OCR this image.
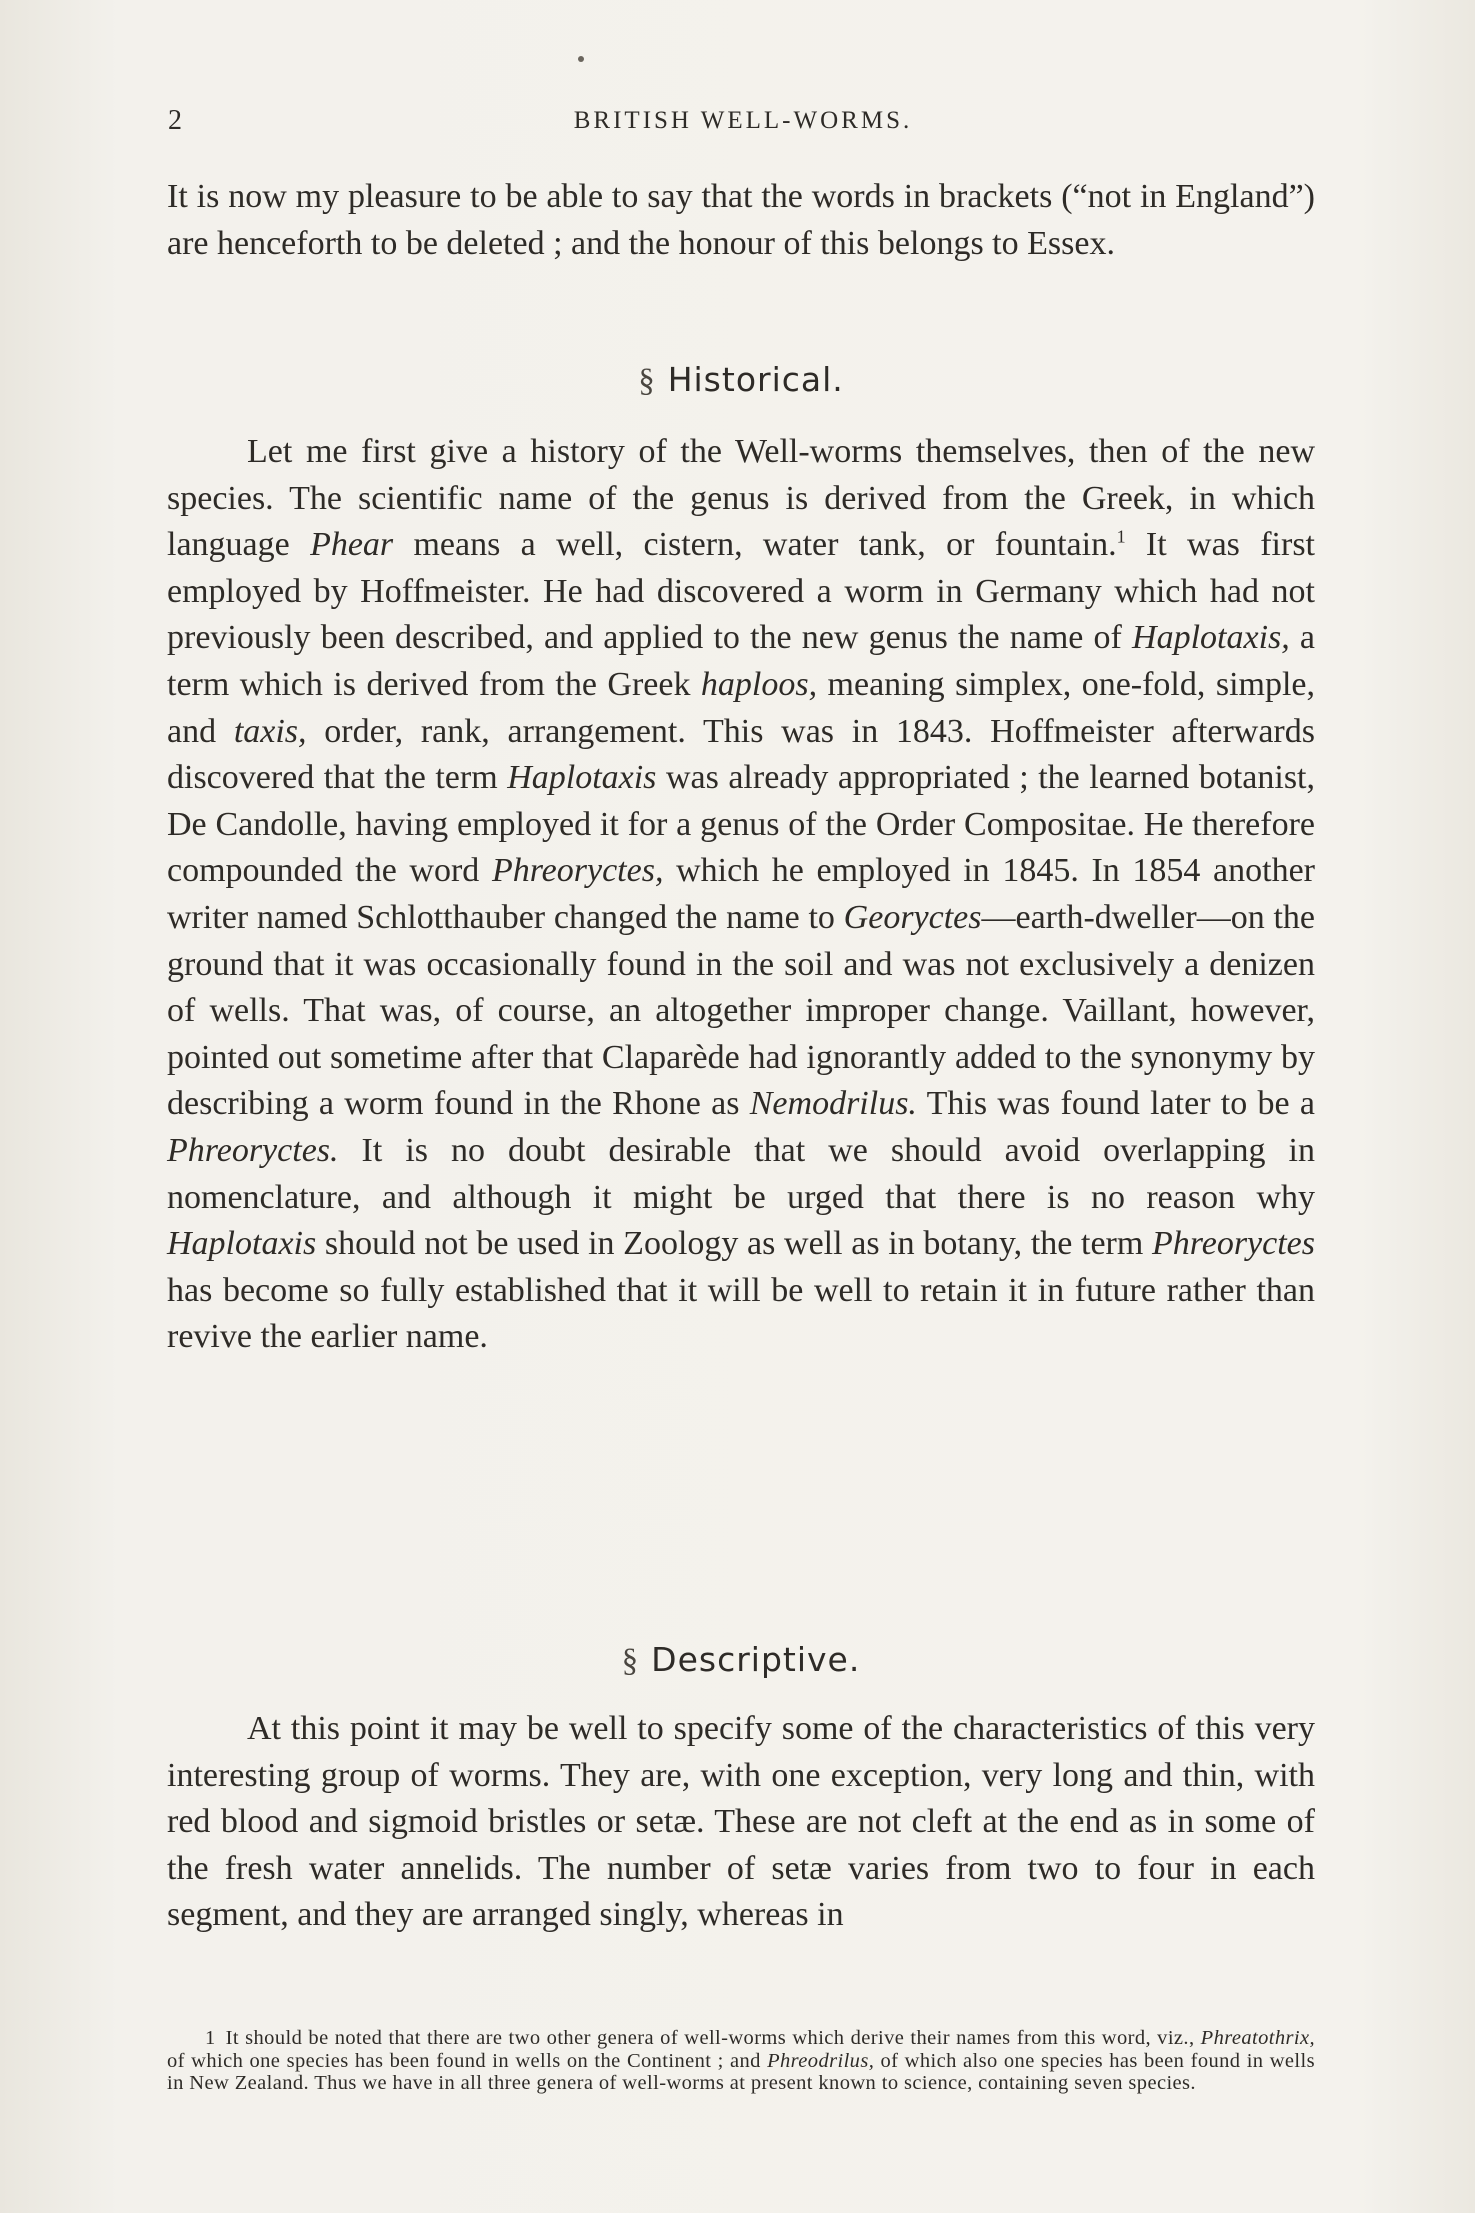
2	BRITISH WELL-WORMS.

It is now my pleasure to be able to say that the words in brackets (“not in England”) are henceforth to be deleted ; and the honour of this belongs to Essex.

§ Historical.

Let me first give a history of the Well-worms themselves, then of the new species. The scientific name of the genus is derived from the Greek, in which language Phear means a well, cistern, water tank, or fountain.$^1$ It was first employed by Hoffmeister. He had discovered a worm in Germany which had not previously been described, and applied to the new genus the name of Haplotaxis, a term which is derived from the Greek haploos, meaning simplex, one-fold, simple, and taxis, order, rank, arrangement. This was in 1843. Hoffmeister afterwards discovered that the term Haplotaxis was already appropriated ; the learned botanist, De Candolle, having employed it for a genus of the Order Compositae. He therefore compounded the word Phreoryctes, which he employed in 1845. In 1854 another writer named Schlotthauber changed the name to Georyctes—earth-dweller—on the ground that it was occasionally found in the soil and was not exclusively a denizen of wells. That was, of course, an altogether improper change. Vaillant, however, pointed out sometime after that Claparède had ignorantly added to the synonymy by describing a worm found in the Rhone as Nemodrilus. This was found later to be a Phreoryctes. It is no doubt desirable that we should avoid overlapping in nomenclature, and although it might be urged that there is no reason why Haplotaxis should not be used in Zoology as well as in botany, the term Phreoryctes has become so fully established that it will be well to retain it in future rather than revive the earlier name.

§ Descriptive.

At this point it may be well to specify some of the characteristics of this very interesting group of worms. They are, with one exception, very long and thin, with red blood and sigmoid bristles or setæ. These are not cleft at the end as in some of the fresh water annelids. The number of setæ varies from two to four in each segment, and they are arranged singly, whereas in

1 It should be noted that there are two other genera of well-worms which derive their names from this word, viz., Phreatothrix, of which one species has been found in wells on the Continent ; and Phreodrilus, of which also one species has been found in wells in New Zealand. Thus we have in all three genera of well-worms at present known to science, containing seven species.
